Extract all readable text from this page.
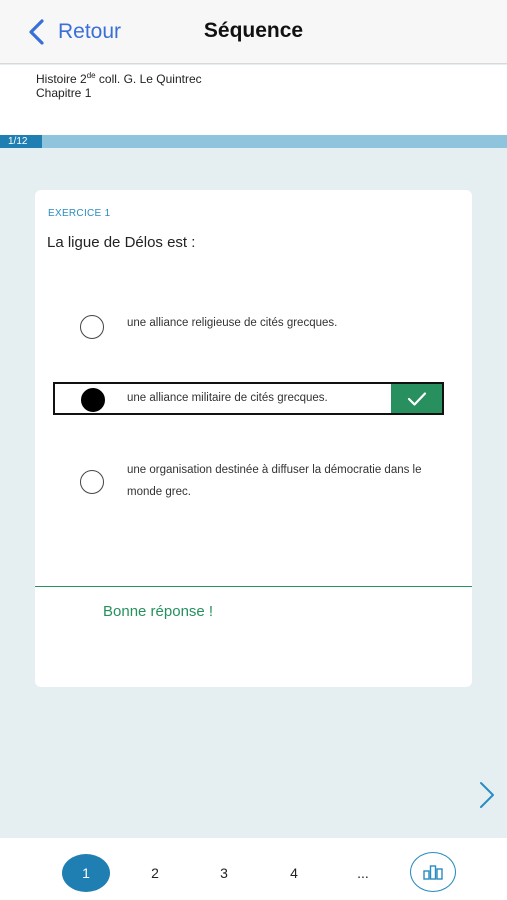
Retour	Séquence
Histoire 2de coll. G. Le Quintrec
Chapitre 1
1/12
EXERCICE 1
La ligue de Délos est :
une alliance religieuse de cités grecques.
une alliance militaire de cités grecques.
une organisation destinée à diffuser la démocratie dans le monde grec.
Bonne réponse !
1	2	3	4	...
